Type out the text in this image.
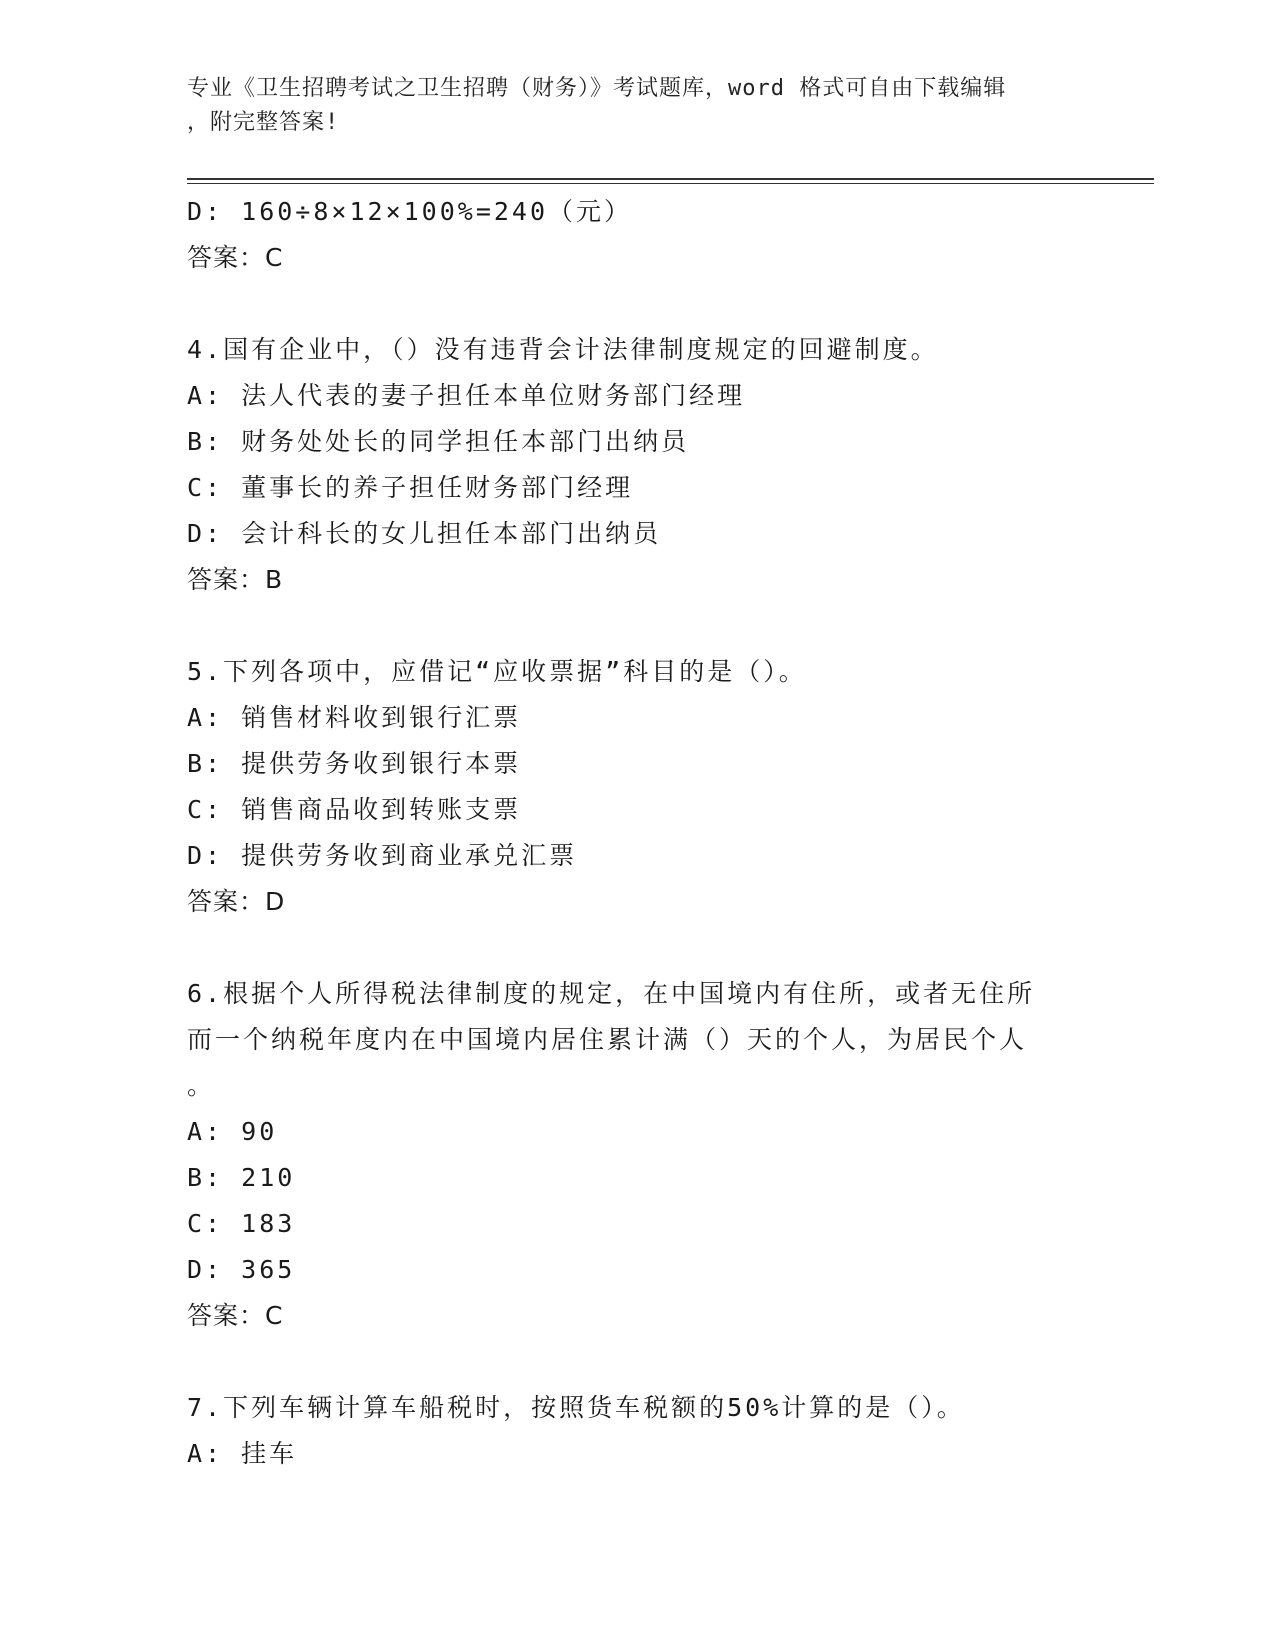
专业《卫生招聘考试之卫生招聘（财务）》考试题库，word 格式可自由下载编辑
，附完整答案!
D: 160÷8×12×100%=240（元）
答案：C
4.国有企业中，（）没有违背会计法律制度规定的回避制度。
A: 法人代表的妻子担任本单位财务部门经理
B: 财务处处长的同学担任本部门出纳员
C: 董事长的养子担任财务部门经理
D: 会计科长的女儿担任本部门出纳员
答案：B
5.下列各项中，应借记“应收票据”科目的是（）。
A: 销售材料收到银行汇票
B: 提供劳务收到银行本票
C: 销售商品收到转账支票
D: 提供劳务收到商业承兑汇票
答案：D
6.根据个人所得税法律制度的规定，在中国境内有住所，或者无住所
而一个纳税年度内在中国境内居住累计满（）天的个人，为居民个人
。
A: 90
B: 210
C: 183
D: 365
答案：C
7.下列车辆计算车船税时，按照货车税额的50%计算的是（）。
A: 挂车
